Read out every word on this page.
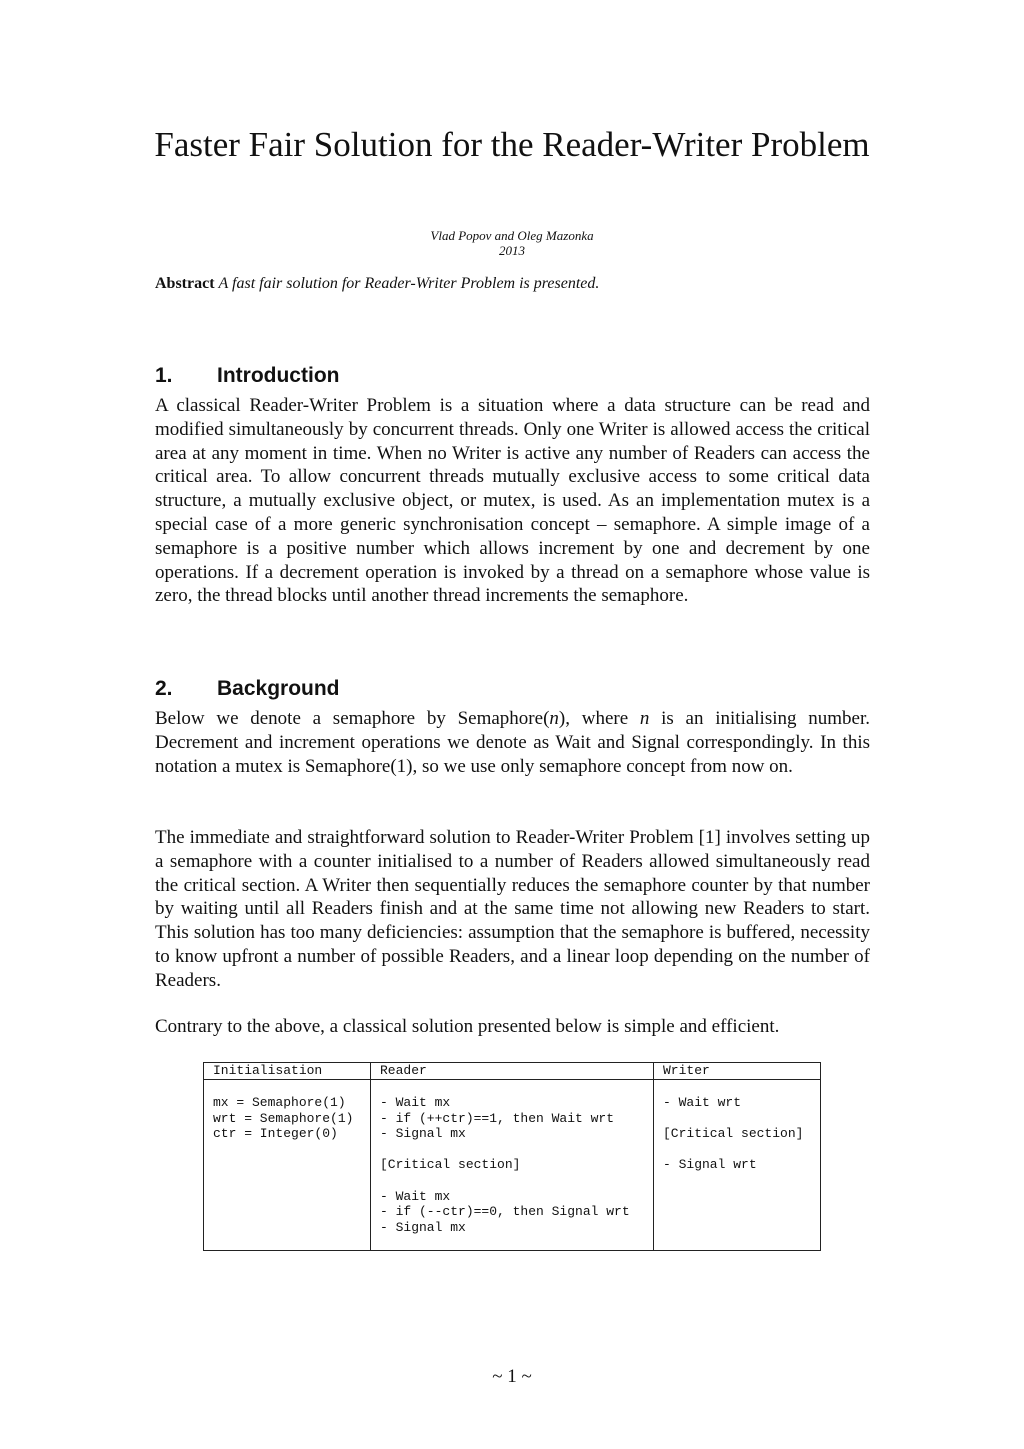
Faster Fair Solution for the Reader-Writer Problem
Vlad Popov and Oleg Mazonka
2013
Abstract A fast fair solution for Reader-Writer Problem is presented.
1. Introduction

A classical Reader-Writer Problem is a situation where a data structure can be read and modified simultaneously by concurrent threads. Only one Writer is allowed access the critical area at any moment in time. When no Writer is active any number of Readers can access the critical area. To allow concurrent threads mutually exclusive access to some critical data structure, a mutually exclusive object, or mutex, is used. As an implementation mutex is a special case of a more generic synchronisation concept – semaphore. A simple image of a semaphore is a positive number which allows increment by one and decrement by one operations. If a decrement operation is invoked by a thread on a semaphore whose value is zero, the thread blocks until another thread increments the semaphore.

2. Background

Below we denote a semaphore by Semaphore(n), where n is an initialising number. Decrement and increment operations we denote as Wait and Signal correspondingly. In this notation a mutex is Semaphore(1), so we use only semaphore concept from now on.

The immediate and straightforward solution to Reader-Writer Problem [1] involves setting up a semaphore with a counter initialised to a number of Readers allowed simultaneously read the critical section. A Writer then sequentially reduces the semaphore counter by that number by waiting until all Readers finish and at the same time not allowing new Readers to start. This solution has too many deficiencies: assumption that the semaphore is buffered, necessity to know upfront a number of possible Readers, and a linear loop depending on the number of Readers.

Contrary to the above, a classical solution presented below is simple and efficient.

Initialisation
mx = Semaphore(1)
wrt = Semaphore(1)
ctr = Integer(0)
Reader
- Wait mx
- if (++ctr)==1, then Wait wrt
- Signal mx
[Critical section]
- Wait mx
- if (--ctr)==0, then Signal wrt
- Signal mx
Writer
- Wait wrt
[Critical section]
- Signal wrt
~ 1 ~
